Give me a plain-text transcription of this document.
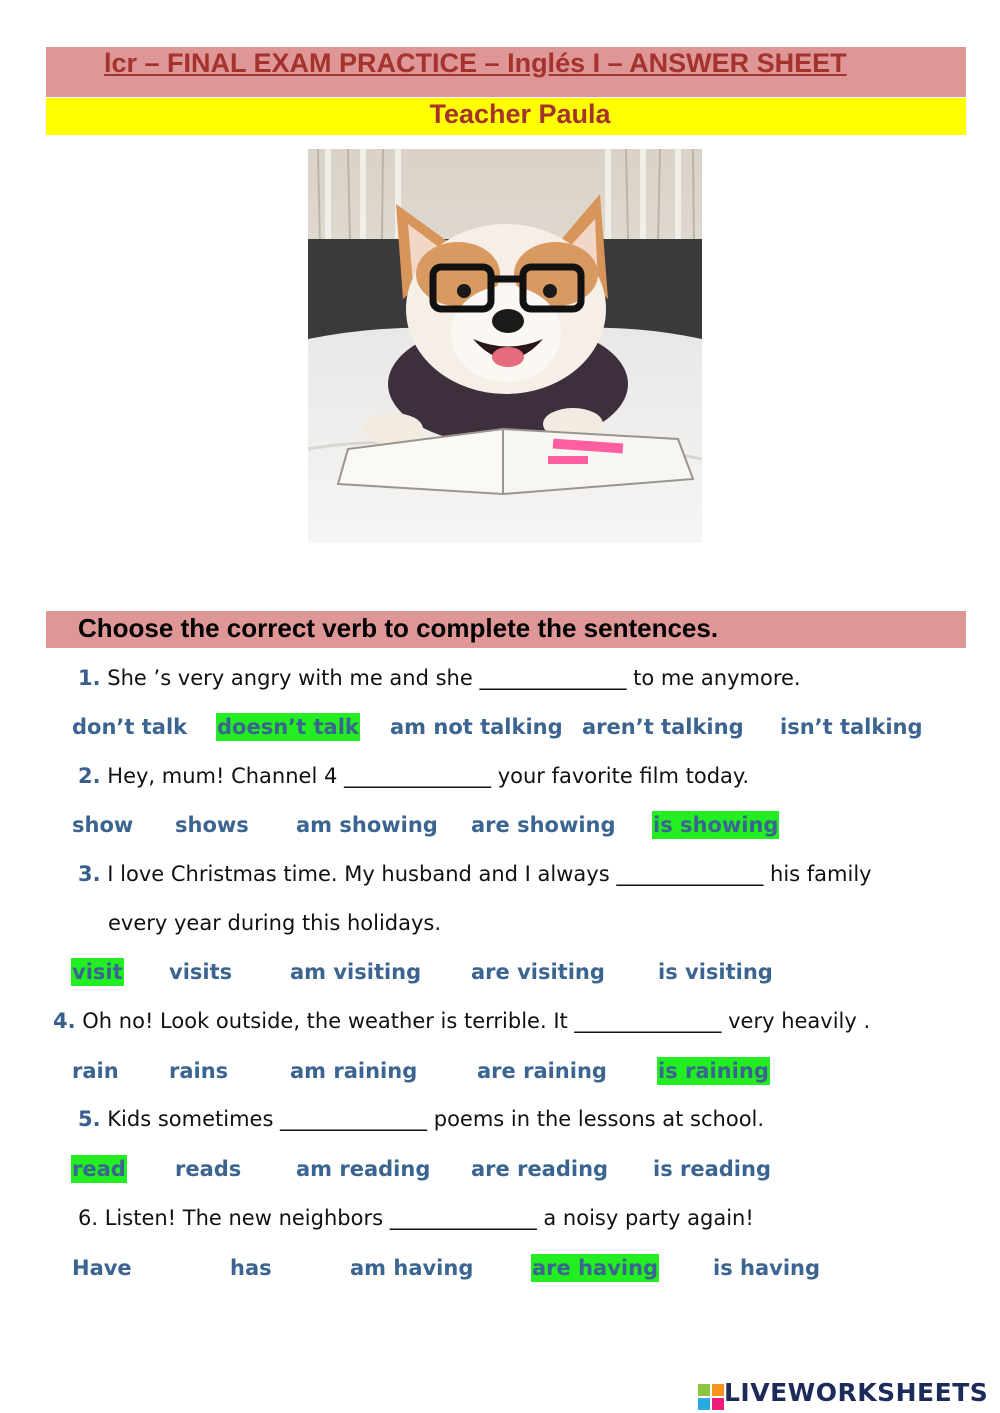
lcr – FINAL EXAM PRACTICE – Inglés I – ANSWER SHEET
Teacher Paula
Choose the correct verb to complete the sentences.
1. She ’s very angry with me and she ______________ to me anymore.
don’t talk doesn’t talk am not talking aren’t talking isn’t talking
2. Hey, mum! Channel 4 ______________ your favorite film today.
show shows am showing are showing is showing
3. I love Christmas time. My husband and I always ______________ his family
every year during this holidays.
visit visits	am visiting are visiting	is visiting
4. Oh no! Look outside, the weather is terrible. It ______________ very heavily .
rain rains	am raining	are raining is raining
5. Kids sometimes ______________ poems in the lessons at school.
read reads	am reading are reading is reading
6. Listen! The new neighbors ______________ a noisy party again!
Have	has	am having	are having	is having
LIVEWORKSHEETS
